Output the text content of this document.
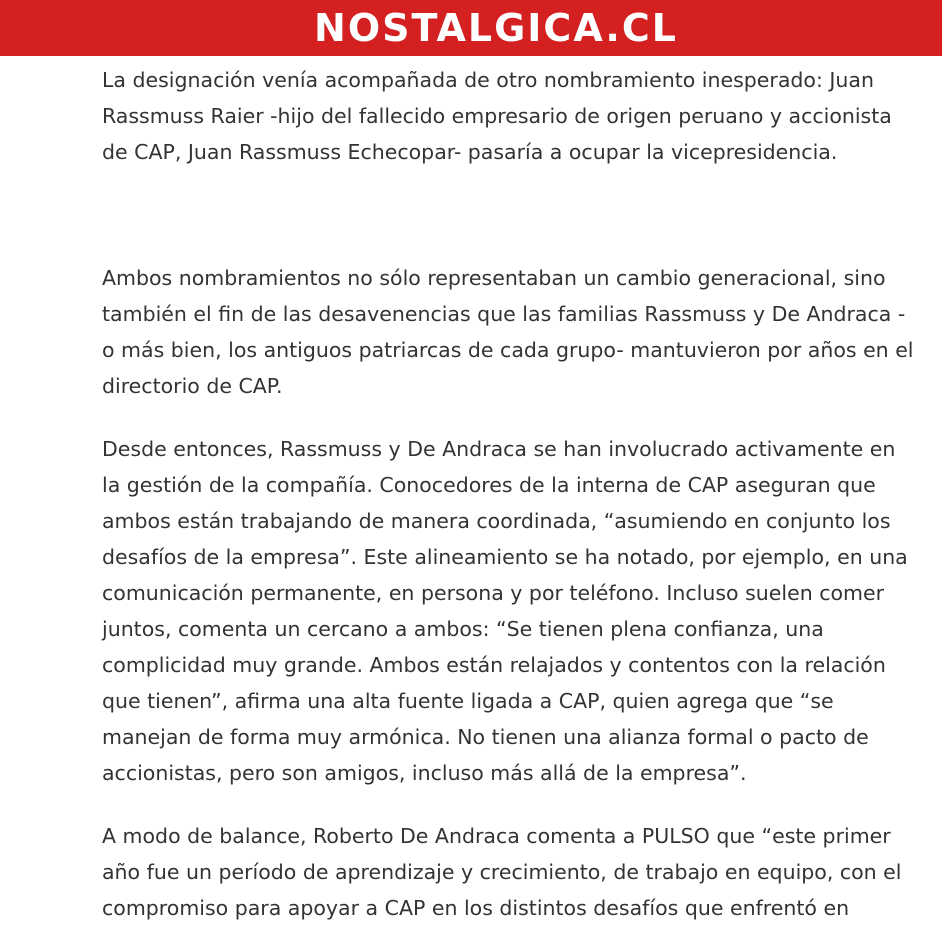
NOSTALGICA.CL

La designación venía acompañada de otro nombramiento inesperado: Juan Rassmuss Raier -hijo del fallecido empresario de origen peruano y accionista de CAP, Juan Rassmuss Echecopar- pasaría a ocupar la vicepresidencia.

Ambos nombramientos no sólo representaban un cambio generacional, sino también el fin de las desavenencias que las familias Rassmuss y De Andraca -o más bien, los antiguos patriarcas de cada grupo- mantuvieron por años en el directorio de CAP.

Desde entonces, Rassmuss y De Andraca se han involucrado activamente en la gestión de la compañía. Conocedores de la interna de CAP aseguran que ambos están trabajando de manera coordinada, “asumiendo en conjunto los desafíos de la empresa”. Este alineamiento se ha notado, por ejemplo, en una comunicación permanente, en persona y por teléfono. Incluso suelen comer juntos, comenta un cercano a ambos: “Se tienen plena confianza, una complicidad muy grande. Ambos están relajados y contentos con la relación que tienen”, afirma una alta fuente ligada a CAP, quien agrega que “se manejan de forma muy armónica. No tienen una alianza formal o pacto de accionistas, pero son amigos, incluso más allá de la empresa”.

A modo de balance, Roberto De Andraca comenta a PULSO que “este primer año fue un período de aprendizaje y crecimiento, de trabajo en equipo, con el compromiso para apoyar a CAP en los distintos desafíos que enfrentó en
